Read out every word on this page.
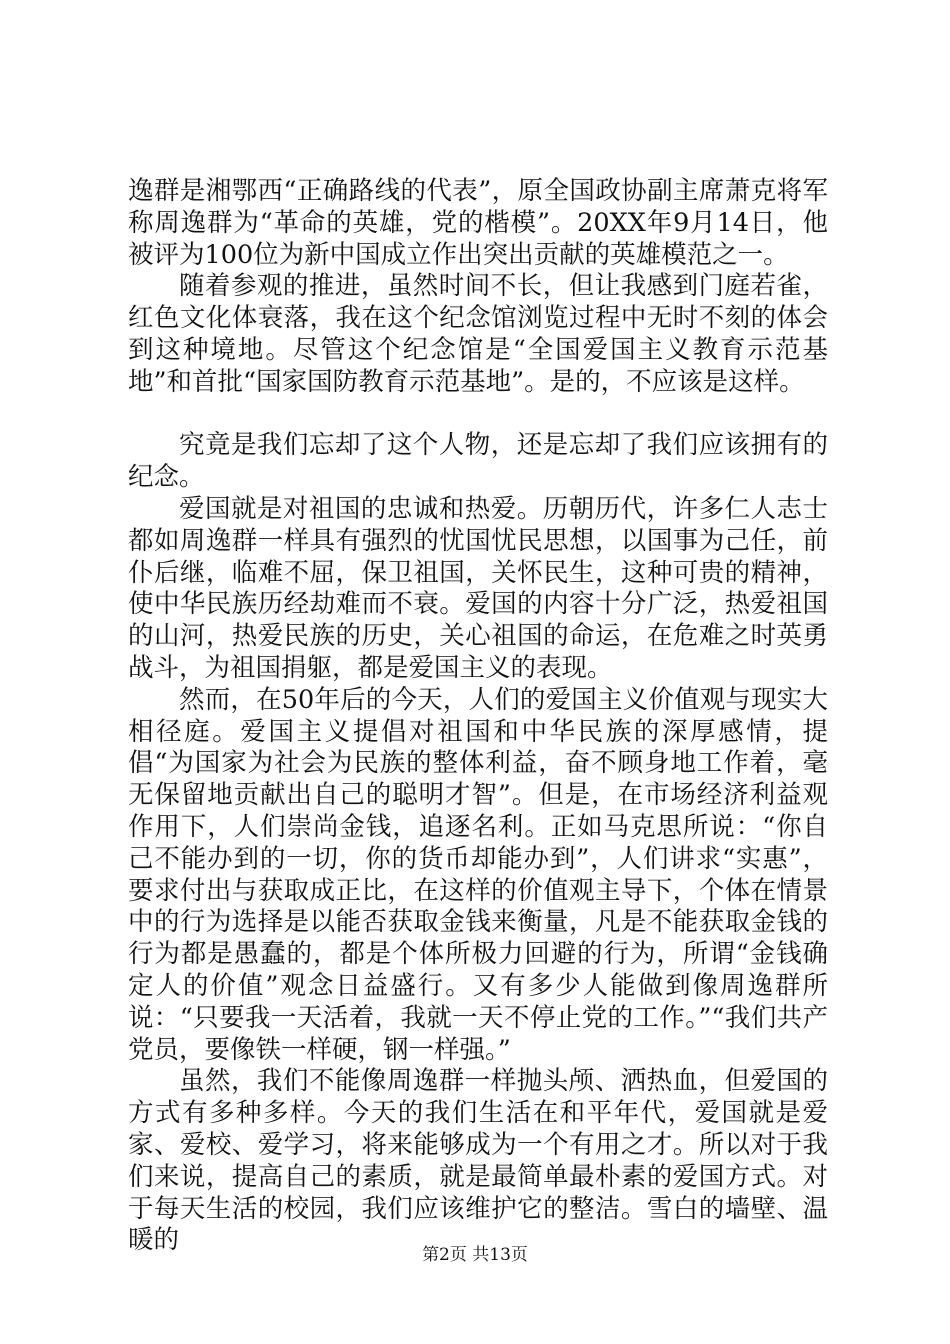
逸群是湘鄂西“正确路线的代表”，原全国政协副主席萧克将军称周逸群为“革命的英雄，党的楷模”。20XX年9月14日，他被评为100位为新中国成立作出突出贡献的英雄模范之一。

随着参观的推进，虽然时间不长，但让我感到门庭若雀，红色文化体衰落，我在这个纪念馆浏览过程中无时不刻的体会到这种境地。尽管这个纪念馆是“全国爱国主义教育示范基地”和首批“国家国防教育示范基地”。是的，不应该是这样。

究竟是我们忘却了这个人物，还是忘却了我们应该拥有的纪念。

爱国就是对祖国的忠诚和热爱。历朝历代，许多仁人志士都如周逸群一样具有强烈的忧国忧民思想，以国事为己任，前仆后继，临难不屈，保卫祖国，关怀民生，这种可贵的精神，使中华民族历经劫难而不衰。爱国的内容十分广泛，热爱祖国的山河，热爱民族的历史，关心祖国的命运，在危难之时英勇战斗，为祖国捐躯，都是爱国主义的表现。

然而，在50年后的今天，人们的爱国主义价值观与现实大相径庭。爱国主义提倡对祖国和中华民族的深厚感情，提倡“为国家为社会为民族的整体利益，奋不顾身地工作着，毫无保留地贡献出自己的聪明才智”。但是，在市场经济利益观作用下，人们崇尚金钱，追逐名利。正如马克思所说：“你自己不能办到的一切，你的货币却能办到”，人们讲求“实惠”，要求付出与获取成正比，在这样的价值观主导下，个体在情景中的行为选择是以能否获取金钱来衡量，凡是不能获取金钱的行为都是愚蠢的，都是个体所极力回避的行为，所谓“金钱确定人的价值”观念日益盛行。又有多少人能做到像周逸群所说：“只要我一天活着，我就一天不停止党的工作。”“我们共产党员，要像铁一样硬，钢一样强。”

虽然，我们不能像周逸群一样抛头颅、洒热血，但爱国的方式有多种多样。今天的我们生活在和平年代，爱国就是爱家、爱校、爱学习，将来能够成为一个有用之才。所以对于我们来说，提高自己的素质，就是最简单最朴素的爱国方式。对于每天生活的校园，我们应该维护它的整洁。雪白的墙壁、温暖的	第2页 共13页
